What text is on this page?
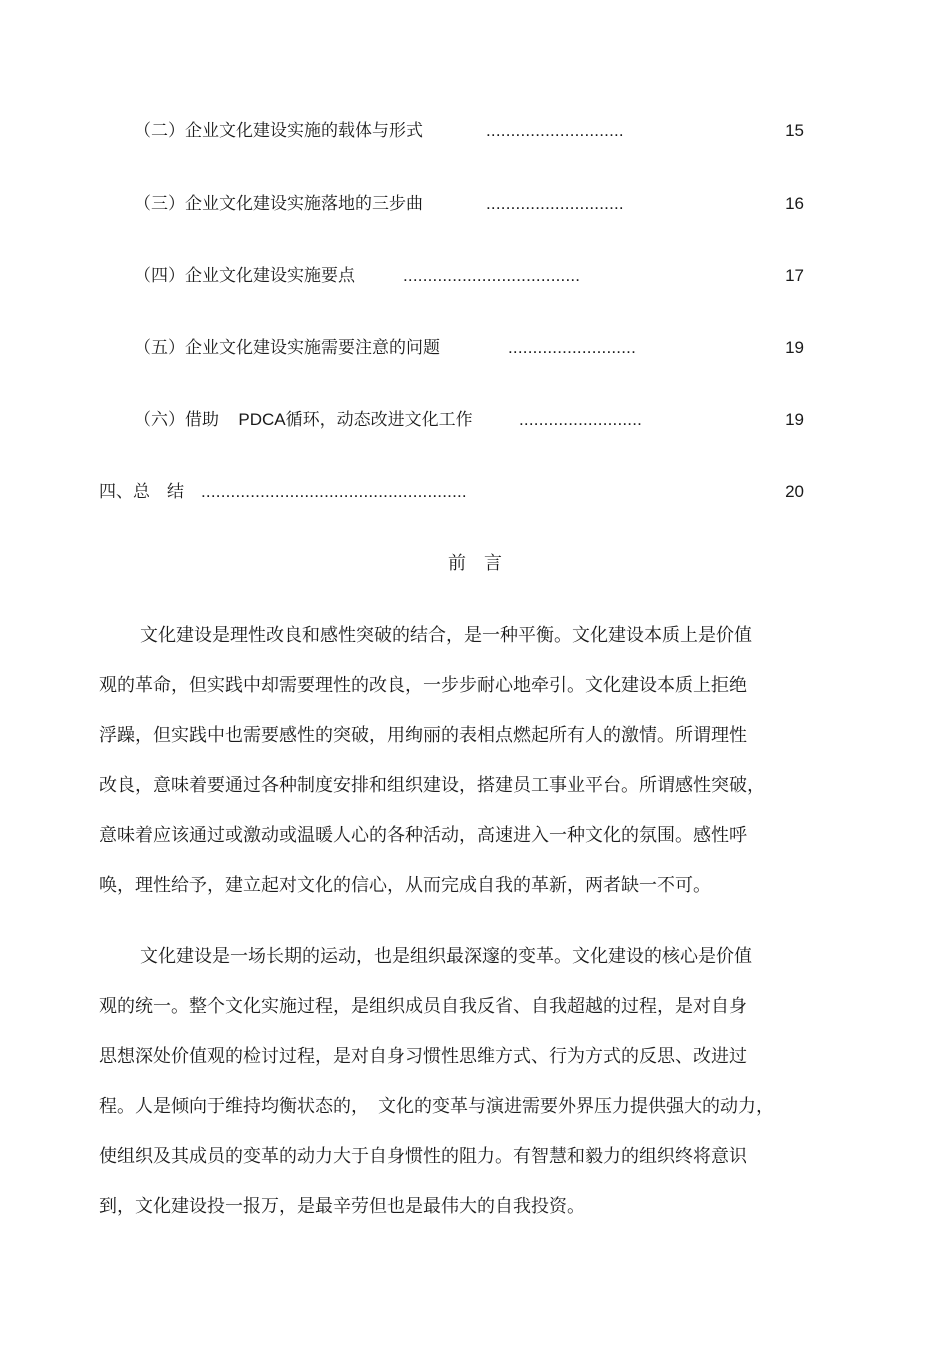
（二）企业文化建设实施的载体与形式	............................	15
（三）企业文化建设实施落地的三步曲	............................	16
（四）企业文化建设实施要点	....................................	17
（五）企业文化建设实施需要注意的问题	..........................	19
（六）借助 PDCA循环，动态改进文化工作	.........................	19
四、总　结 ......................................................	20
前言
文化建设是理性改良和感性突破的结合，是一种平衡。文化建设本质上是价值
观的革命，但实践中却需要理性的改良，一步步耐心地牵引。文化建设本质上拒绝
浮躁，但实践中也需要感性的突破，用绚丽的表相点燃起所有人的激情。所谓理性
改良，意味着要通过各种制度安排和组织建设，搭建员工事业平台。所谓感性突破，
意味着应该通过或激动或温暖人心的各种活动，高速进入一种文化的氛围。感性呼
唤，理性给予，建立起对文化的信心，从而完成自我的革新，两者缺一不可。
文化建设是一场长期的运动，也是组织最深邃的变革。文化建设的核心是价值
观的统一。整个文化实施过程，是组织成员自我反省、自我超越的过程，是对自身
思想深处价值观的检讨过程，是对自身习惯性思维方式、行为方式的反思、改进过
程。人是倾向于维持均衡状态的，　文化的变革与演进需要外界压力提供强大的动力，
使组织及其成员的变革的动力大于自身惯性的阻力。有智慧和毅力的组织终将意识
到，文化建设投一报万，是最辛劳但也是最伟大的自我投资。
